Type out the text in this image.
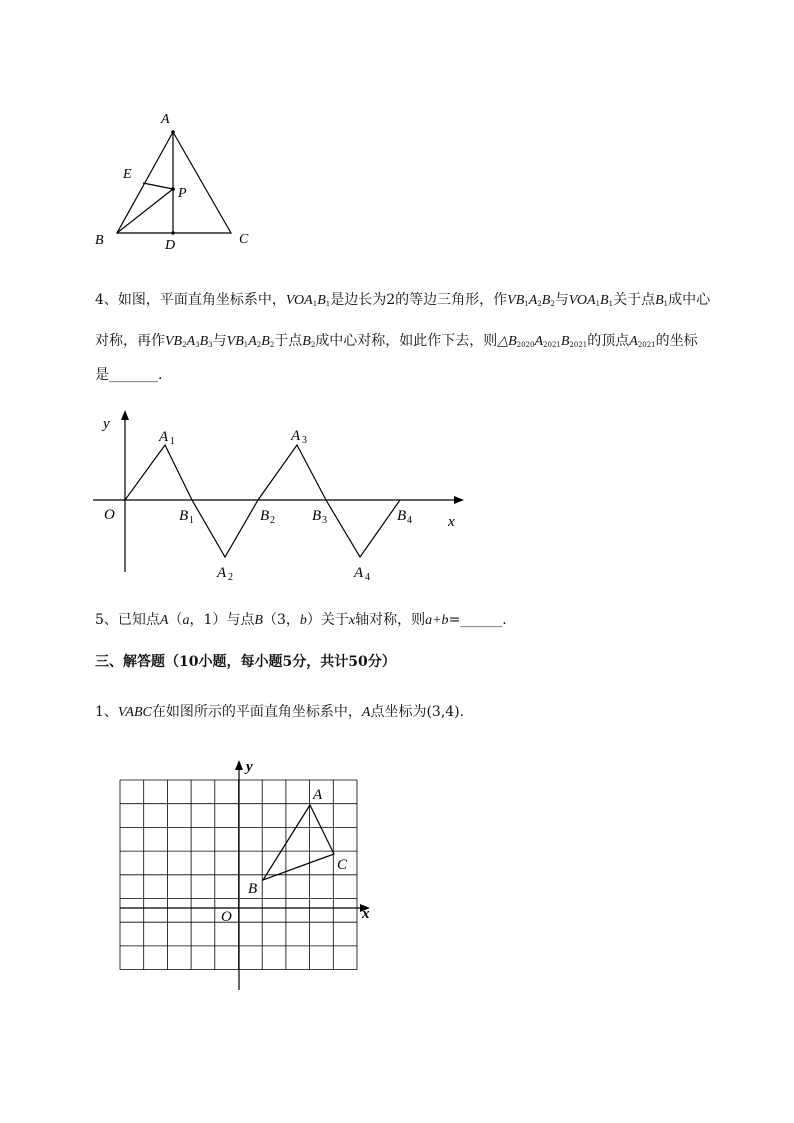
A
E
P
B	D	C
4、如图，平面直角坐标系中，$VOA_1B_1$是边长为2的等边三角形，作$VB_1A_2B_2$与$VOA_1B_1$关于点$B_1$成中心
对称，再作$VB_2A_3B_3$与$VB_1A_2B_2$于点$B_2$成中心对称，如此作下去，则$\triangle B_{2020}A_{2021}B_{2021}$的顶点$A_{2021}$的坐标
是_______.
y
x
O
A 1
A 2
A 3
A 4
B 1	B 2 B 3	B 4
5、已知点A（a，1）与点B（3，b）关于x轴对称，则a+b=______.
三、解答题（10小题，每小题5分，共计50分）
1、VABC在如图所示的平面直角坐标系中，A点坐标为(3,4).
y
x
O
A
B
C
